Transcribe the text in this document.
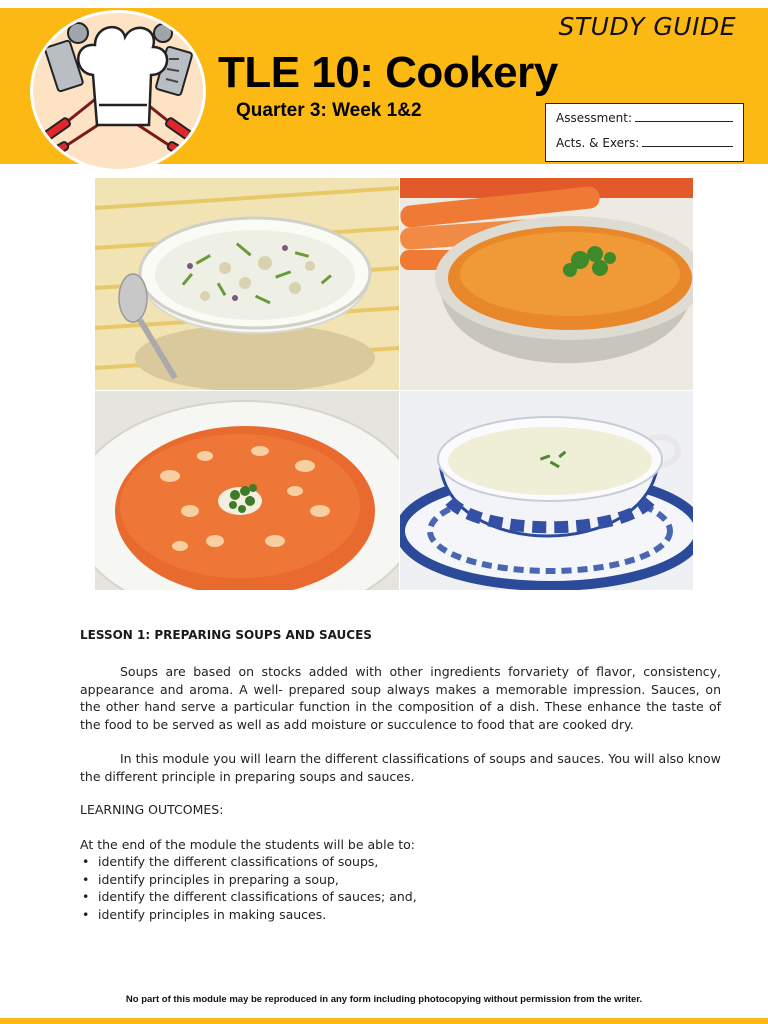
STUDY GUIDE
TLE 10: Cookery
Quarter 3: Week 1&2	Assessment:
Acts. & Exers:
LESSON 1: PREPARING SOUPS AND SAUCES

Soups are based on stocks added with other ingredients forvariety of flavor, consistency, appearance and aroma. A well- prepared soup always makes a memorable impression. Sauces, on the other hand serve a particular function in the composition of a dish. These enhance the taste of the food to be served as well as add moisture or succulence to food that are cooked dry.

In this module you will learn the different classifications of soups and sauces. You will also know the different principle in preparing soups and sauces.

LEARNING OUTCOMES:

At the end of the module the students will be able to:

• identify the different classifications of soups,
• identify principles in preparing a soup,
• identify the different classifications of sauces; and,
• identify principles in making sauces.
No part of this module may be reproduced in any form including photocopying without permission from the writer.
